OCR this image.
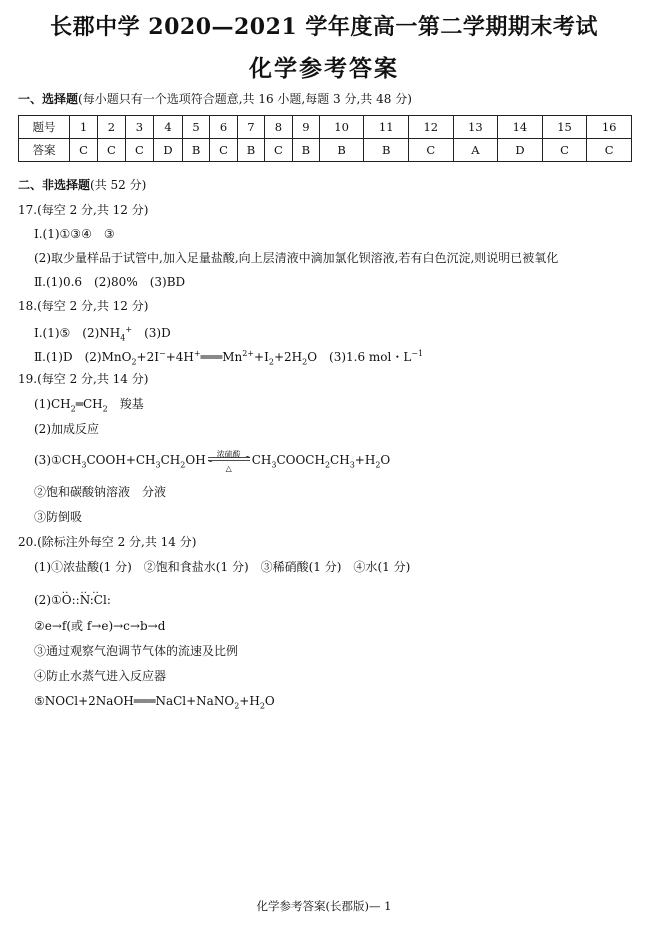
长郡中学 2020—2021 学年度高一第二学期期末考试
化学参考答案
一、选择题(每小题只有一个选项符合题意,共 16 小题,每题 3 分,共 48 分)
题号	1	2	3	4	5	6	7	8	9	10	11	12	13	14	15	16
答案	C	C	C	D	B	C	B	C	B	B	B	C	A	D	C	C
二、非选择题(共 52 分)
17.(每空 2 分,共 12 分)
Ⅰ.(1)①③④　③
(2)取少量样品于试管中,加入足量盐酸,向上层清液中滴加氯化钡溶液,若有白色沉淀,则说明已被氧化
Ⅱ.(1)0.6　(2)80%　(3)BD
18.(每空 2 分,共 12 分)
Ⅰ.(1)⑤　$(2)NH_4^+$　(3)D
Ⅱ.(1)D　$(2)MnO_2+2I^-+4H^+═══Mn^{2+}+I_2+2H_2O$　(3)1.6 mol・$L^{-1}$
19.(每空 2 分,共 14 分)
$(1)CH_2═CH_2$　羧基
(2)加成反应
$(3)①CH_3COOH+CH_3CH_2OH$	浓硫酸
△
$CH_3COOCH_2CH_3+H_2O$
②饱和碳酸钠溶液　分液
③防倒吸
20.(除标注外每空 2 分,共 14 分)
(1)①浓盐酸(1 分)　②饱和食盐水(1 分)　③稀硝酸(1 分)　④水(1 分)
(2)①
‥　‥ ‥
O::N:Cl:
②e→f(或 f→e)→c→b→d
③通过观察气泡调节气体的流速及比例
④防止水蒸气进入反应器
$⑤NOCl+2NaOH═══NaCl+NaNO_2+H_2O$
化学参考答案(长郡版)— 1
